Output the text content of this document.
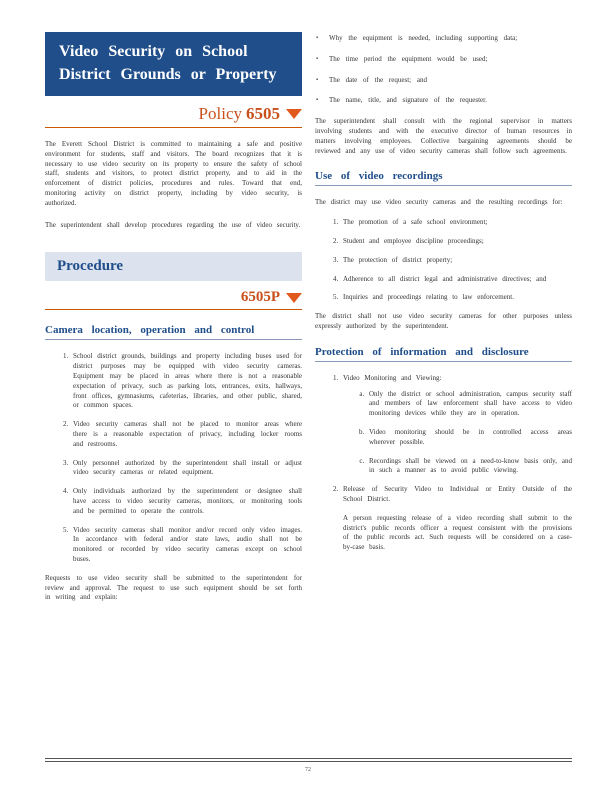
Video Security on School District Grounds or Property
Policy 6505

The Everett School District is committed to maintaining a safe and positive environment for students, staff and visitors. The board recognizes that it is necessary to use video security on its property to ensure the safety of school staff, students and visitors, to protect district property, and to aid in the enforcement of district policies, procedures and rules. Toward that end, monitoring activity on district property, including by video security, is authorized.

The superintendent shall develop procedures regarding the use of video security.

Procedure
6505P
Camera location, operation and control
1. School district grounds, buildings and property including buses used for district purposes may be equipped with video security cameras. Equipment may be placed in areas where there is not a reasonable expectation of privacy, such as parking lots, entrances, exits, hallways, front offices, gymnasiums, cafeterias, libraries, and other public, shared, or common spaces.
2. Video security cameras shall not be placed to monitor areas where there is a reasonable expectation of privacy, including locker rooms and restrooms.
3. Only personnel authorized by the superintendent shall install or adjust video security cameras or related equipment.
4. Only individuals authorized by the superintendent or designee shall have access to video security cameras, monitors, or monitoring tools and be permitted to operate the controls.
5. Video security cameras shall monitor and/or record only video images. In accordance with federal and/or state laws, audio shall not be monitored or recorded by video security cameras except on school buses.

Requests to use video security shall be submitted to the superintendent for review and approval. The request to use such equipment should be set forth in writing and explain:

▪ Why the equipment is needed, including supporting data;
▪ The time period the equipment would be used;
▪ The date of the request; and
▪ The name, title, and signature of the requester.

The superintendent shall consult with the regional supervisor in matters involving students and with the executive director of human resources in matters involving employees. Collective bargaining agreements should be reviewed and any use of video security cameras shall follow such agreements.

Use of video recordings

The district may use video security cameras and the resulting recordings for:

1. The promotion of a safe school environment;
2. Student and employee discipline proceedings;
3. The protection of district property;
4. Adherence to all district legal and administrative directives; and
5. Inquiries and proceedings relating to law enforcement.

The district shall not use video security cameras for other purposes unless expressly authorized by the superintendent.

Protection of information and disclosure
1. Video Monitoring and Viewing:
a. Only the district or school administration, campus security staff and members of law enforcement shall have access to video monitoring devices while they are in operation.
b. Video monitoring should be in controlled access areas wherever possible.
c. Recordings shall be viewed on a need-to-know basis only, and in such a manner as to avoid public viewing.
2. Release of Security Video to Individual or Entity Outside of the School District.
A person requesting release of a video recording shall submit to the district's public records officer a request consistent with the provisions of the public records act. Such requests will be considered on a case-by-case basis.
72
